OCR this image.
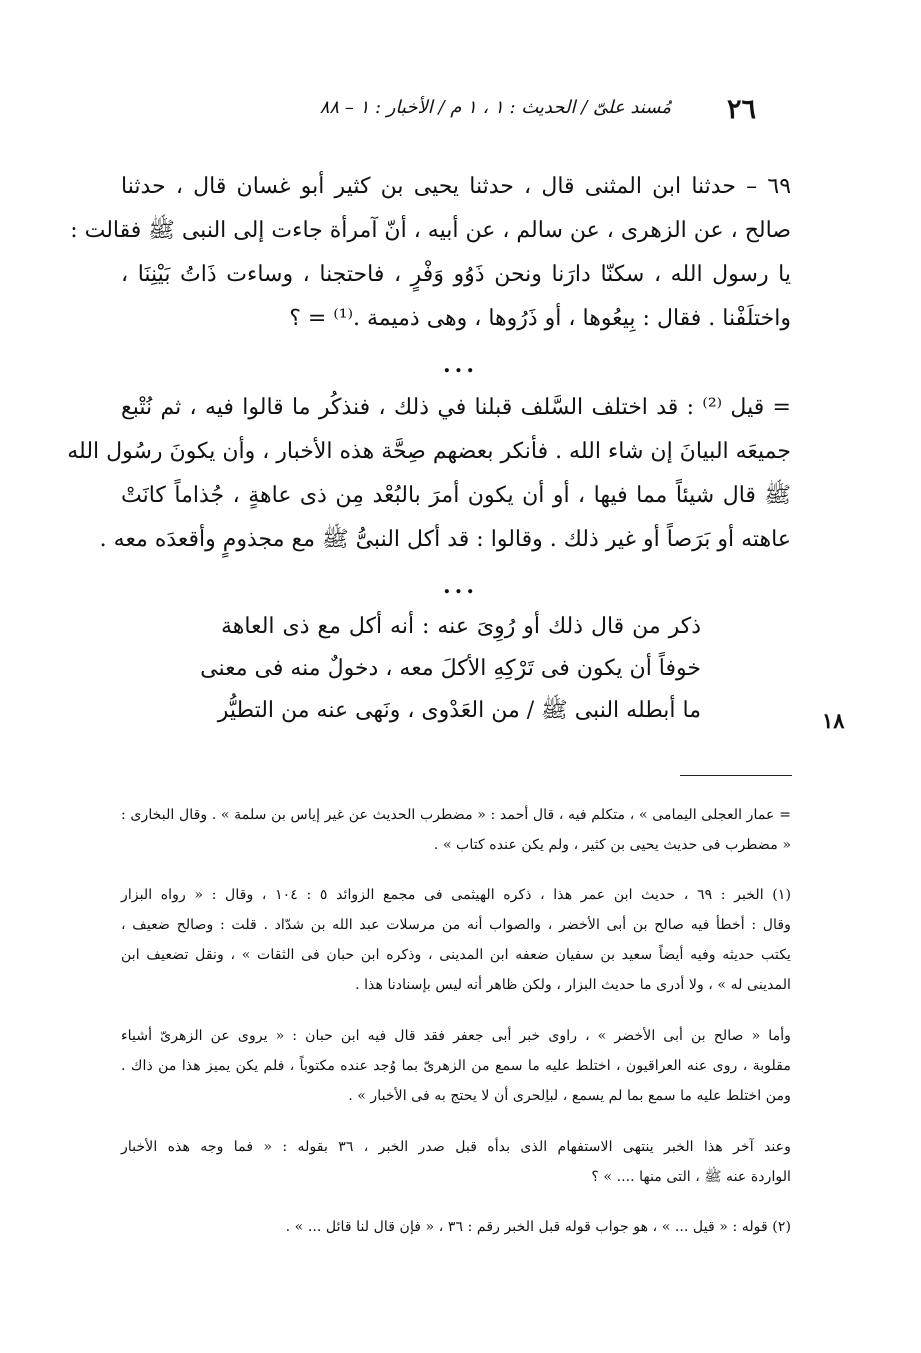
٢٦
مُسند علىّ / الحديث : ١ ، ١ م / الأخبار : ١ – ٨٨
٦٩ – حدثنا ابن المثنى قال ، حدثنا يحيى بن كثير أبو غسان قال ، حدثنا
صالح ، عن الزهرى ، عن سالم ، عن أبيه ، أنّ آمرأة جاءت إلى النبى ﷺ فقالت :
يا رسول الله ، سكنّا دارَنا ونحن ذَوُو وَفْرٍ ، فاحتجنا ، وساءت ذَاتُ بَيْنِنَا ،
واختلَفْنا . فقال : بِيعُوها ، أو ذَرُوها ، وهى ذميمة .⁽¹⁾ = ؟
...
= قيل ⁽²⁾ : قد اختلف السَّلف قبلنا في ذلك ، فنذكُر ما قالوا فيه ، ثم نُتْبع
جميعَه البيانَ إن شاء الله . فأنكر بعضهم صِحَّة هذه الأخبار ، وأن يكونَ رسُول الله
ﷺ قال شيئاً مما فيها ، أو أن يكون أمرَ بالبُعْد مِن ذى عاهةٍ ، جُذاماً كانَتْ
عاهته أو بَرَصاً أو غير ذلك . وقالوا : قد أكل النبىُّ ﷺ مع مجذومٍ وأقعدَه معه .
...
ذكر من قال ذلك أو رُوِىَ عنه : أنه أكل مع ذى العاهة
خوفاً أن يكون فى تَرْكِهِ الأكلَ معه ، دخولٌ منه فى معنى
ما أبطله النبى ﷺ / من العَدْوى ، ونَهى عنه من التطيُّر	١٨
= عمار العجلى اليمامى » ، متكلم فيه ، قال أحمد : « مضطرب الحديث عن غير إياس بن سلمة » . وقال البخارى :
« مضطرب فى حديث يحيى بن كثير ، ولم يكن عنده كتاب » .
(١) الخبر : ٦٩ ، حديث ابن عمر هذا ، ذكره الهيثمى فى مجمع الزوائد ٥ : ١٠٤ ، وقال : « رواه البزار
وقال : أخطأ فيه صالح بن أبى الأخضر ، والصواب أنه من مرسلات عبد الله بن شدّاد . قلت : وصالح ضعيف ،
يكتب حديثه وفيه أيضاً سعيد بن سفيان ضعفه ابن المدينى ، وذكره ابن حبان فى الثقات » ، ونقل تضعيف ابن
المدينى له » ، ولا أدرى ما حديث البزار ، ولكن ظاهر أنه ليس بإسنادنا هذا .
وأما « صالح بن أبى الأخضر » ، راوى خبر أبى جعفر فقد قال فيه ابن حبان : « يروى عن الزهرىّ أشياء
مقلوبة ، روى عنه العراقيون ، اختلط عليه ما سمع من الزهرىّ بما وُجد عنده مكتوباً ، فلم يكن يميز هذا من ذاك .
ومن اختلط عليه ما سمع بما لم يسمع ، لباِلحرى أن لا يحتج به فى الأخبار » .
وعند آخر هذا الخبر ينتهى الاستفهام الذى بدأه قبل صدر الخبر ، ٣٦ بقوله : « فما وجه هذه الأخبار
الواردة عنه ﷺ ، التى منها .... » ؟
(٢) قوله : « قيل ... » ، هو جواب قوله قبل الخبر رقم : ٣٦ ، « فإن قال لنا قائل ... » .
